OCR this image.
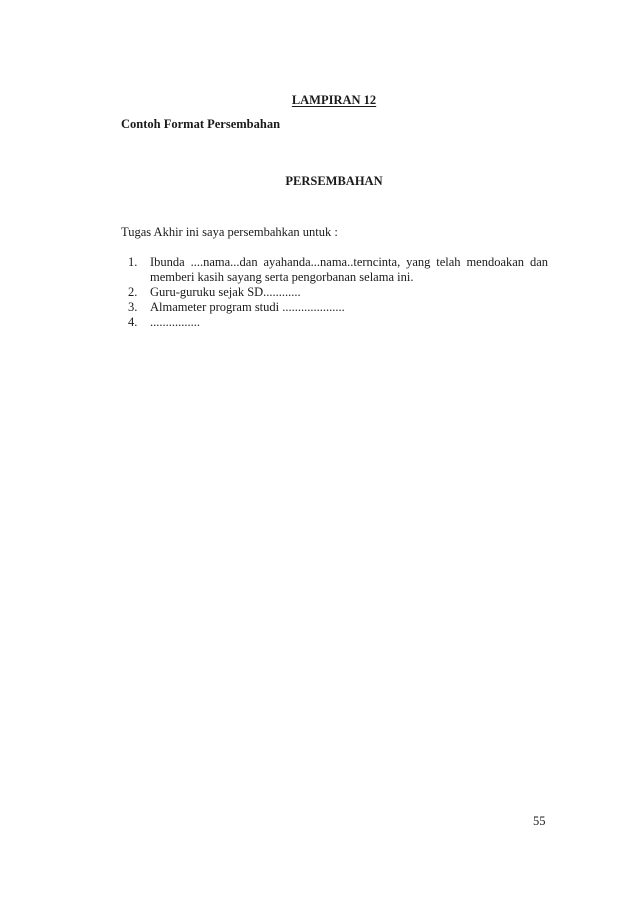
LAMPIRAN 12
Contoh Format Persembahan
PERSEMBAHAN
Tugas Akhir ini saya persembahkan untuk :
1. Ibunda ....nama...dan ayahanda...nama..terncinta, yang telah mendoakan dan memberi kasih sayang serta pengorbanan selama ini.
2. Guru-guruku sejak SD............
3. Almameter program studi ....................
4. ................
55
